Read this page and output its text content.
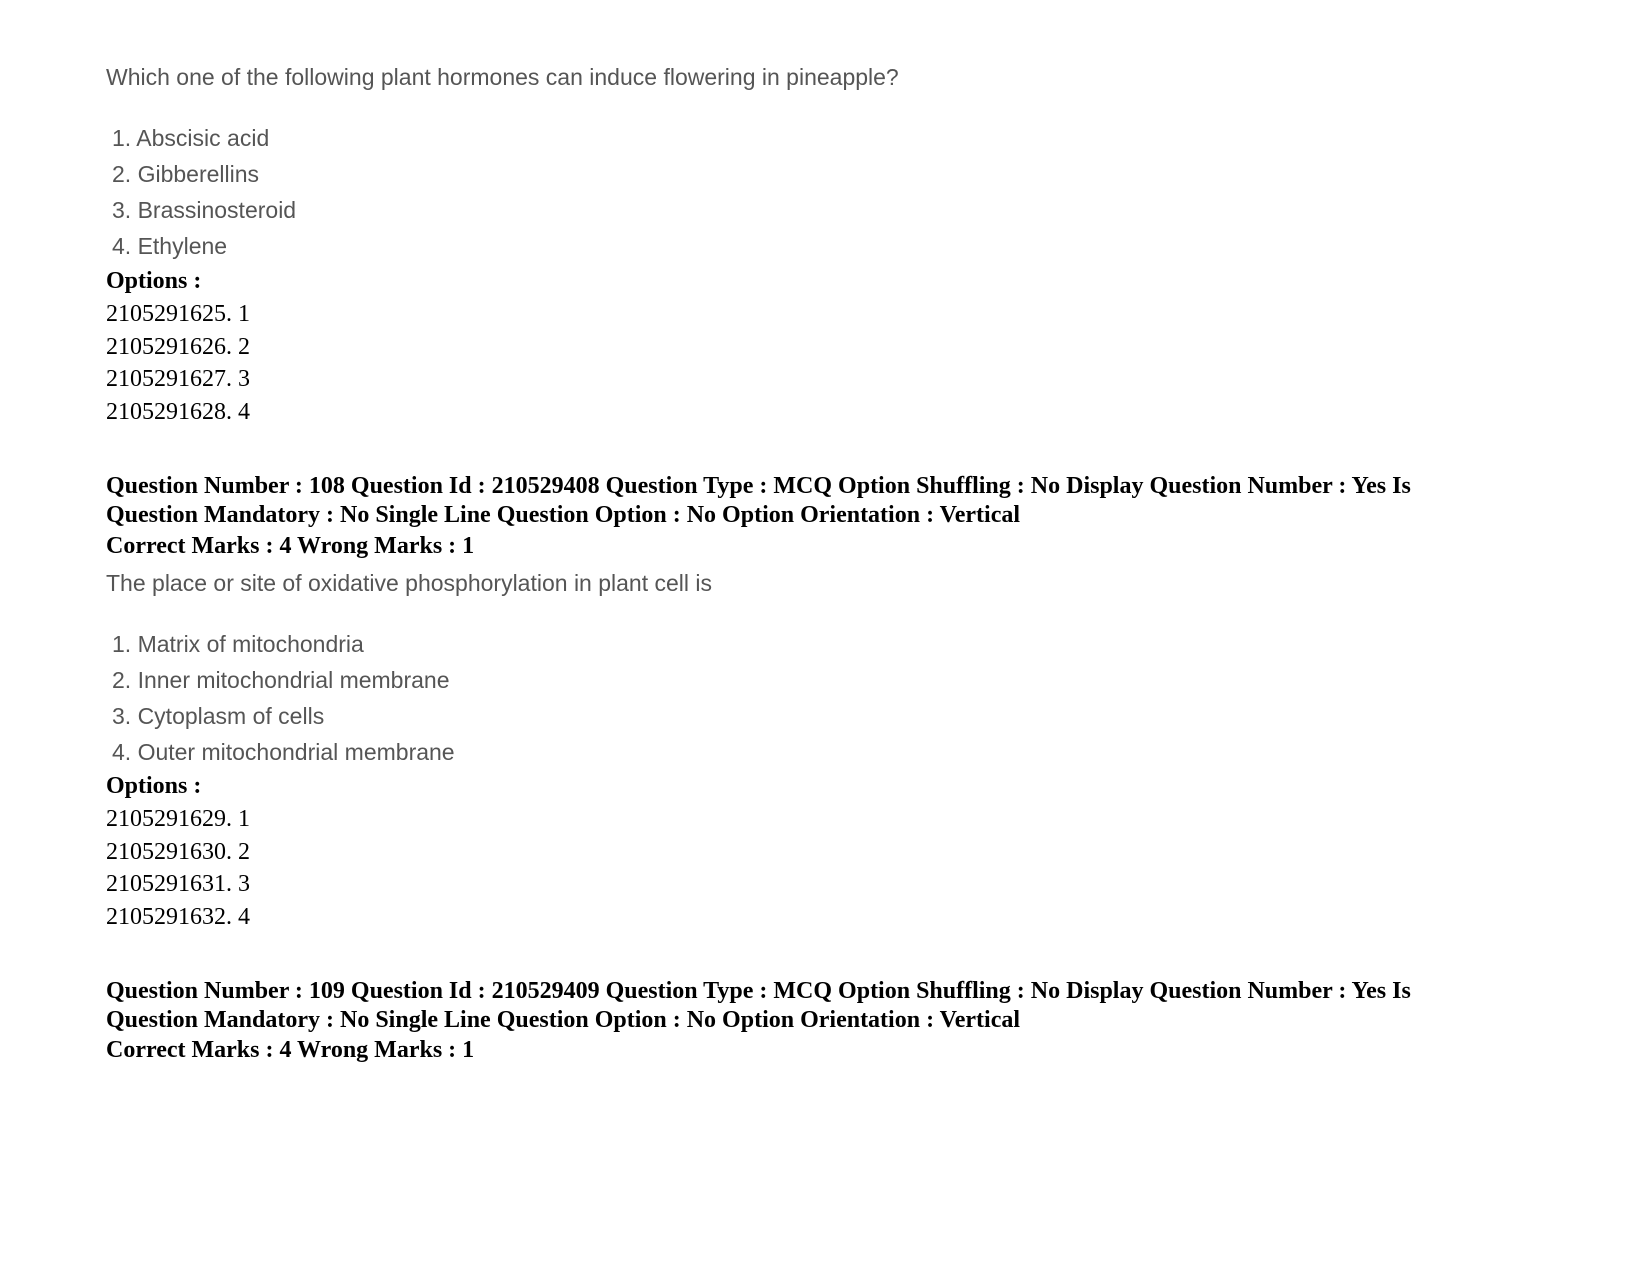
Which one of the following plant hormones can induce flowering in pineapple?
1. Abscisic acid
2. Gibberellins
3. Brassinosteroid
4. Ethylene
Options :
2105291625. 1
2105291626. 2
2105291627. 3
2105291628. 4
Question Number : 108 Question Id : 210529408 Question Type : MCQ Option Shuffling : No Display Question Number : Yes Is
Question Mandatory : No Single Line Question Option : No Option Orientation : Vertical
Correct Marks : 4 Wrong Marks : 1
The place or site of oxidative phosphorylation in plant cell is
1. Matrix of mitochondria
2. Inner mitochondrial membrane
3. Cytoplasm of cells
4. Outer mitochondrial membrane
Options :
2105291629. 1
2105291630. 2
2105291631. 3
2105291632. 4
Question Number : 109 Question Id : 210529409 Question Type : MCQ Option Shuffling : No Display Question Number : Yes Is
Question Mandatory : No Single Line Question Option : No Option Orientation : Vertical
Correct Marks : 4 Wrong Marks : 1
